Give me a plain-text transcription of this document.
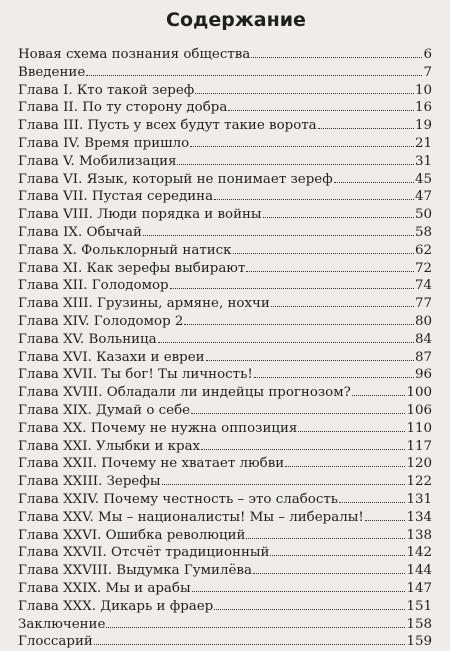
Содержание
Новая схема познания общества	6
Введение	7
Глава I. Кто такой зереф	10
Глава II. По ту сторону добра	16
Глава III. Пусть у всех будут такие ворота	19
Глава IV. Время пришло	21
Глава V. Мобилизация	31
Глава VI. Язык, который не понимает зереф	45
Глава VII. Пустая середина	47
Глава VIII. Люди порядка и войны	50
Глава IX. Обычай	58
Глава X. Фольклорный натиск	62
Глава XI. Как зерефы выбирают	72
Глава XII. Голодомор	74
Глава XIII. Грузины, армяне, нохчи	77
Глава XIV. Голодомор 2	80
Глава XV. Вольница	84
Глава XVI. Казахи и евреи	87
Глава XVII. Ты бог! Ты личность!	96
Глава XVIII. Обладали ли индейцы прогнозом?	100
Глава XIX. Думай о себе	106
Глава XX. Почему не нужна оппозиция	110
Глава XXI. Улыбки и крах	117
Глава XXII. Почему не хватает любви	120
Глава XXIII. Зерефы	122
Глава XXIV. Почему честность – это слабость	131
Глава XXV. Мы – националисты! Мы – либералы!	134
Глава XXVI. Ошибка революций	138
Глава XXVII. Отсчёт традиционный	142
Глава XXVIII. Выдумка Гумилёва	144
Глава XXIX. Мы и арабы	147
Глава XXX. Дикарь и фраер	151
Заключение	158
Глоссарий	159
